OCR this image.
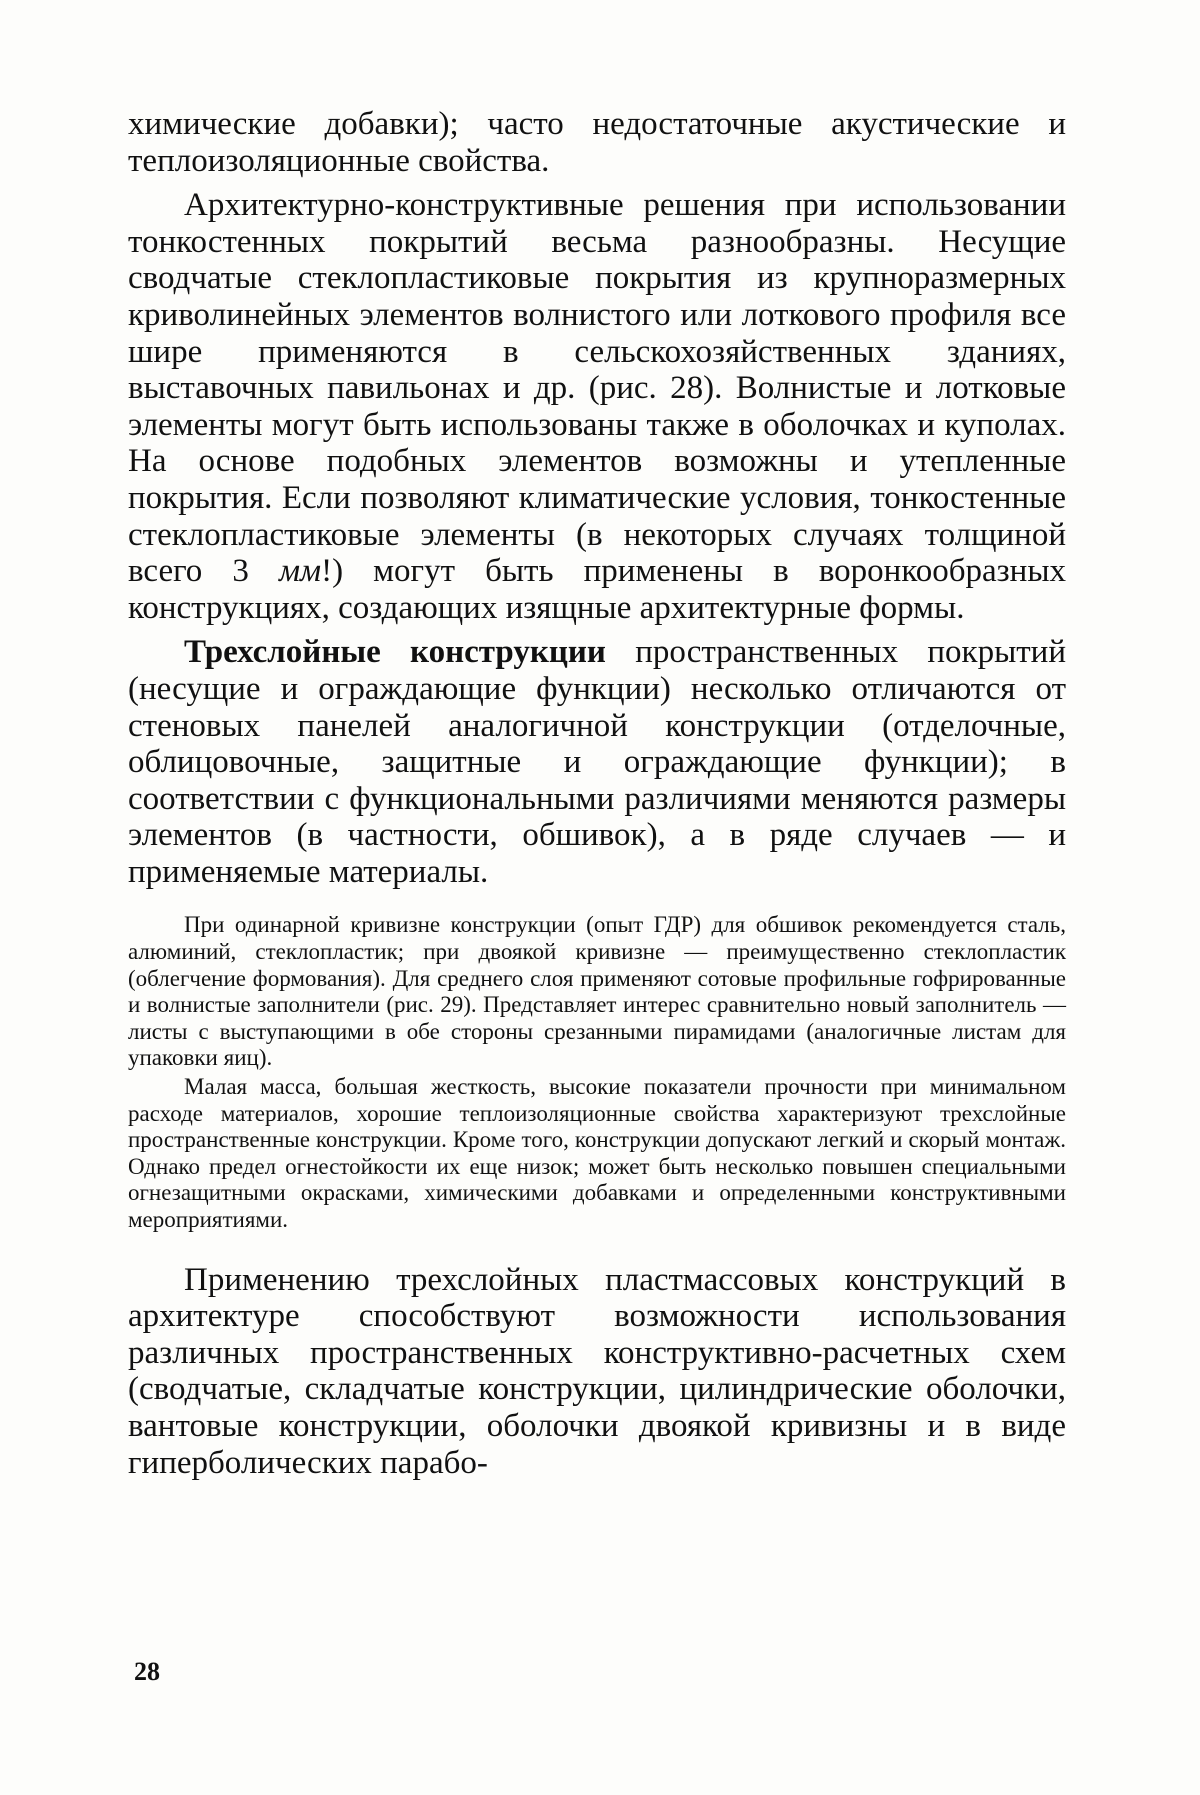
химические добавки); часто недостаточные акустические и теплоизоляционные свойства.

Архитектурно-конструктивные решения при использовании тонкостенных покрытий весьма разнообразны. Несущие сводчатые стеклопластиковые покрытия из крупноразмерных криволинейных элементов волнистого или лоткового профиля все шире применяются в сельскохозяйственных зданиях, выставочных павильонах и др. (рис. 28). Волнистые и лотковые элементы могут быть использованы также в оболочках и куполах. На основе подобных элементов возможны и утепленные покрытия. Если позволяют климатические условия, тонкостенные стеклопластиковые элементы (в некоторых случаях толщиной всего 3 мм!) могут быть применены в воронкообразных конструкциях, создающих изящные архитектурные формы.

Трехслойные конструкции пространственных покрытий (несущие и ограждающие функции) несколько отличаются от стеновых панелей аналогичной конструкции (отделочные, облицовочные, защитные и ограждающие функции); в соответствии с функциональными различиями меняются размеры элементов (в частности, обшивок), а в ряде случаев — и применяемые материалы.

При одинарной кривизне конструкции (опыт ГДР) для обшивок рекомендуется сталь, алюминий, стеклопластик; при двоякой кривизне — преимущественно стеклопластик (облегчение формования). Для среднего слоя применяют сотовые профильные гофрированные и волнистые заполнители (рис. 29). Представляет интерес сравнительно новый заполнитель — листы с выступающими в обе стороны срезанными пирамидами (аналогичные листам для упаковки яиц).

Малая масса, большая жесткость, высокие показатели прочности при минимальном расходе материалов, хорошие теплоизоляционные свойства характеризуют трехслойные пространственные конструкции. Кроме того, конструкции допускают легкий и скорый монтаж. Однако предел огнестойкости их еще низок; может быть несколько повышен специальными огнезащитными окрасками, химическими добавками и определенными конструктивными мероприятиями.

Применению трехслойных пластмассовых конструкций в архитектуре способствуют возможности использования различных пространственных конструктивно-расчетных схем (сводчатые, складчатые конструкции, цилиндрические оболочки, вантовые конструкции, оболочки двоякой кривизны и в виде гиперболических парабо-

28
